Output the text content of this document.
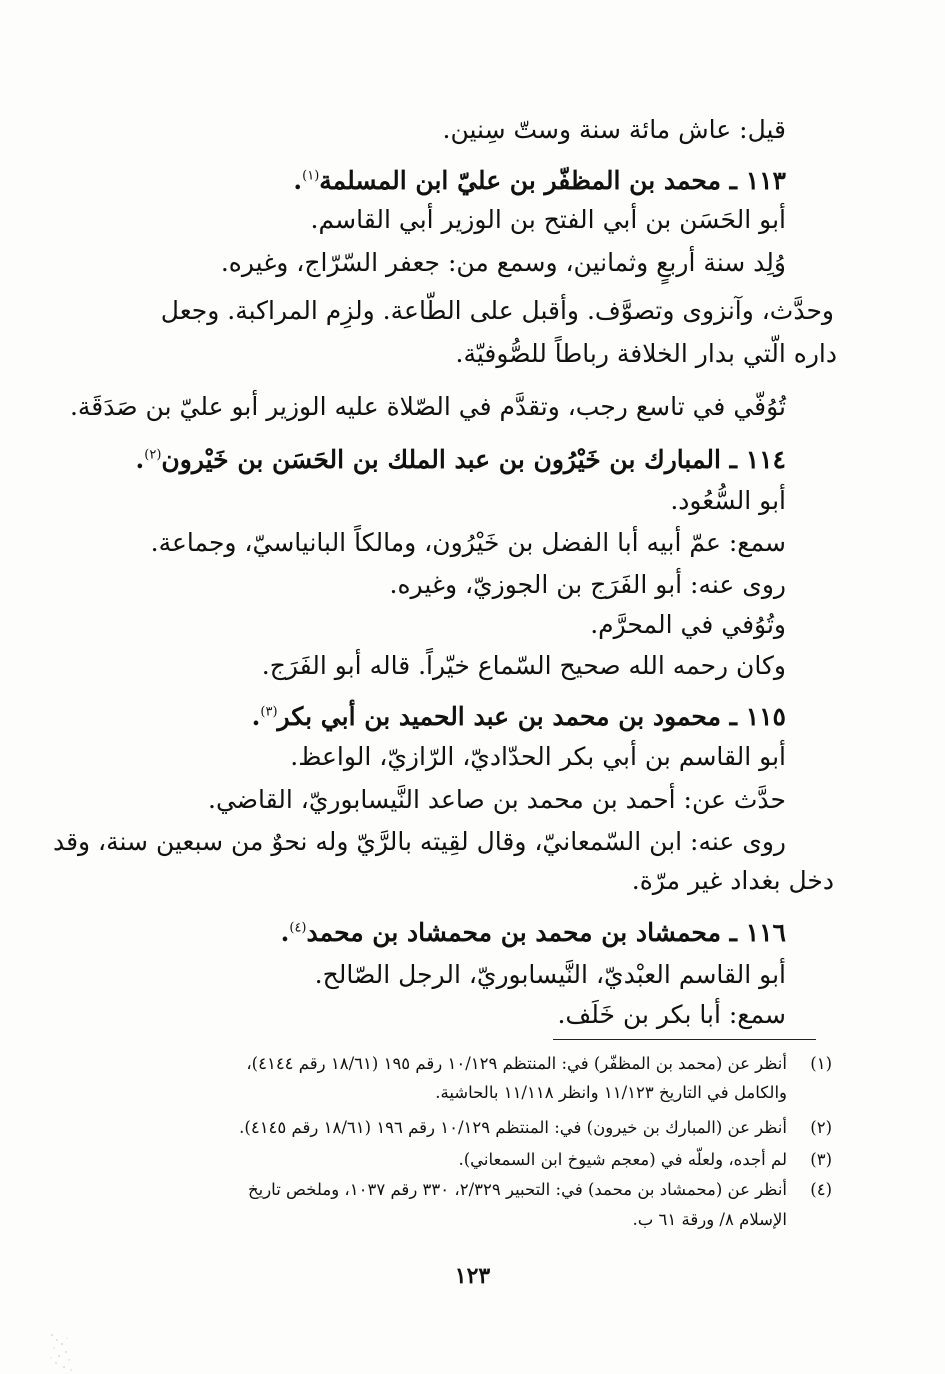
قيل: عاش مائة سنة وستّ سِنين.
١١٣ ـ محمد بن المظفّر بن عليّ ابن المسلمة$^{(١)}$.
أبو الحَسَن بن أبي الفتح بن الوزير أبي القاسم.
وُلِد سنة أربعٍ وثمانين، وسمع من: جعفر السّرّاج، وغيره.
وحدَّث، وآنزوى وتصوَّف. وأقبل على الطّاعة. ولزِم المراكبة. وجعل
داره الّتي بدار الخلافة رباطاً للصُّوفيّة.
تُوُفّي في تاسع رجب، وتقدَّم في الصّلاة عليه الوزير أبو عليّ بن صَدَقَة.
١١٤ ـ المبارك بن خَيْرُون بن عبد الملك بن الحَسَن بن خَيْرون$^{(٢)}$.
أبو السُّعُود.
سمع: عمّ أبيه أبا الفضل بن خَيْرُون، ومالكاً البانياسيّ، وجماعة.
روى عنه: أبو الفَرَج بن الجوزيّ، وغيره.
وتُوُفي في المحرَّم.
وكان رحمه الله صحيح السّماع خيّراً. قاله أبو الفَرَج.
١١٥ ـ محمود بن محمد بن عبد الحميد بن أبي بكر$^{(٣)}$.
أبو القاسم بن أبي بكر الحدّاديّ، الرّازيّ، الواعظ.
حدَّث عن: أحمد بن محمد بن صاعد النَّيسابوريّ، القاضي.
روى عنه: ابن السّمعانيّ، وقال لقِيته بالرَّيّ وله نحوٌ من سبعين سنة، وقد
دخل بغداد غير مرّة.
١١٦ ـ محمشاد بن محمد بن محمشاد بن محمد$^{(٤)}$.
أبو القاسم العبْديّ، النَّيسابوريّ، الرجل الصّالح.
سمع: أبا بكر بن خَلَف.
(١)
أنظر عن (محمد بن المظفّر) في: المنتظم ١٠/١٢٩ رقم ١٩٥ (١٨/٦١ رقم ٤١٤٤)،
والكامل في التاريخ ١١/١٢٣ وانظر ١١/١١٨ بالحاشية.
(٢)
أنظر عن (المبارك بن خيرون) في: المنتظم ١٠/١٢٩ رقم ١٩٦ (١٨/٦١ رقم ٤١٤٥).
(٣)
لم أجده، ولعلّه في (معجم شيوخ ابن السمعاني).
(٤)
أنظر عن (محمشاد بن محمد) في: التحبير ٢/٣٢٩، ٣٣٠ رقم ١٠٣٧، وملخص تاريخ
الإسلام ٨/ ورقة ٦١ ب.
١٢٣
